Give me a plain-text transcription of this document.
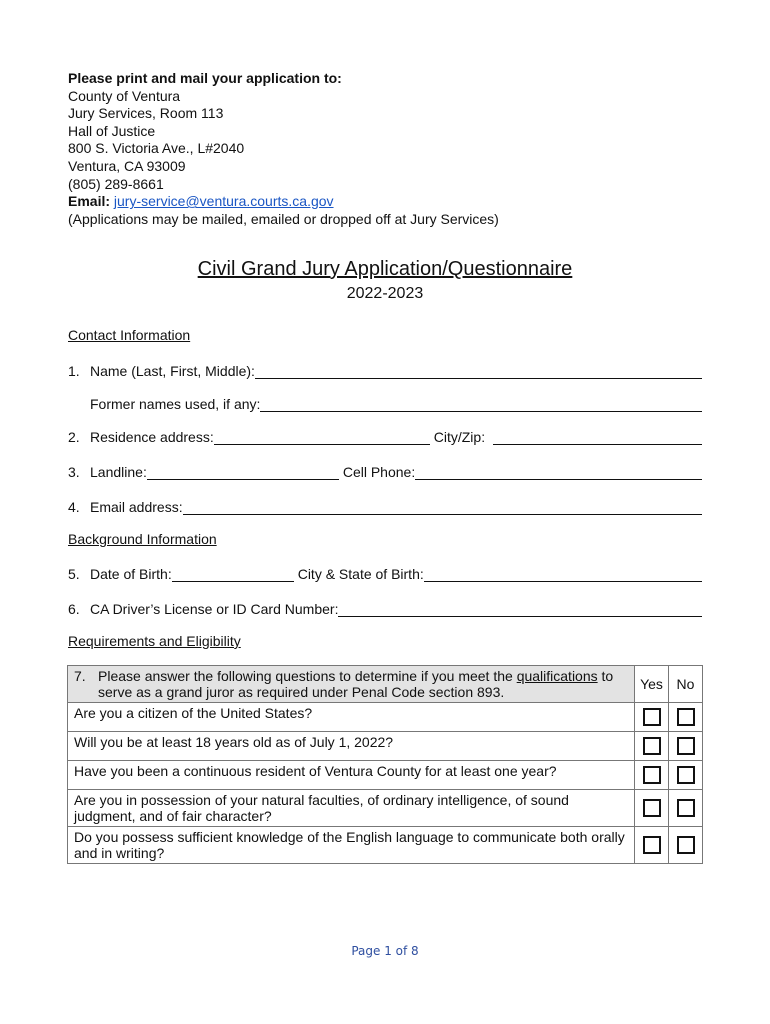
Please print and mail your application to:
County of Ventura
Jury Services, Room 113
Hall of Justice
800 S. Victoria Ave., L#2040
Ventura, CA 93009
(805) 289-8661
Email: jury-service@ventura.courts.ca.gov
(Applications may be mailed, emailed or dropped off at Jury Services)
Civil Grand Jury Application/Questionnaire
2022-2023
Contact Information
1. Name (Last, First, Middle):
Former names used, if any:
2. Residence address:	City/Zip:
3. Landline:	Cell Phone:
4. Email address:
Background Information
5. Date of Birth:	City & State of Birth:
6. CA Driver’s License or ID Card Number:
Requirements and Eligibility
7. Please answer the following questions to determine if you meet the qualifications to serve as a grand juror as required under Penal Code section 893.	Yes	No
Are you a citizen of the United States?		
Will you be at least 18 years old as of July 1, 2022?		
Have you been a continuous resident of Ventura County for at least one year?		
Are you in possession of your natural faculties, of ordinary intelligence, of sound judgment, and of fair character?		
Do you possess sufficient knowledge of the English language to communicate both orally and in writing?		
Page 1 of 8
